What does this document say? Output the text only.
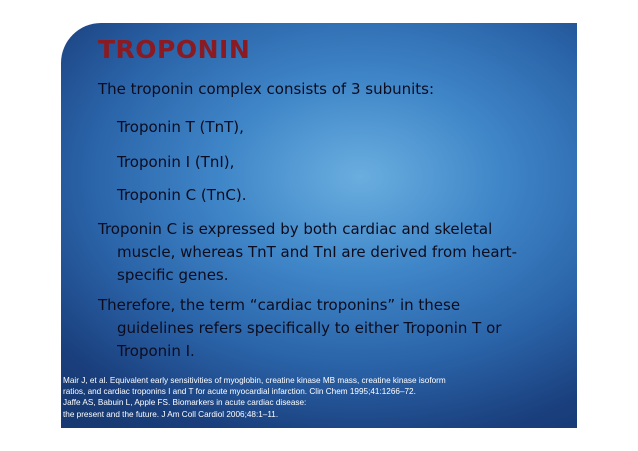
TROPONIN
The troponin complex consists of 3 subunits:
Troponin T (TnT),
Troponin I (TnI),
Troponin C (TnC).
Troponin C is expressed by both cardiac and skeletal
muscle, whereas TnT and TnI are derived from heart-
specific genes.
Therefore, the term “cardiac troponins” in these
guidelines refers specifically to either Troponin T or
Troponin I.
Mair J, et al. Equivalent early sensitivities of myoglobin, creatine kinase MB mass, creatine kinase isoform
ratios, and cardiac troponins I and T for acute myocardial infarction. Clin Chem 1995;41:1266–72.
Jaffe AS, Babuin L, Apple FS. Biomarkers in acute cardiac disease:
the present and the future. J Am Coll Cardiol 2006;48:1–11.
